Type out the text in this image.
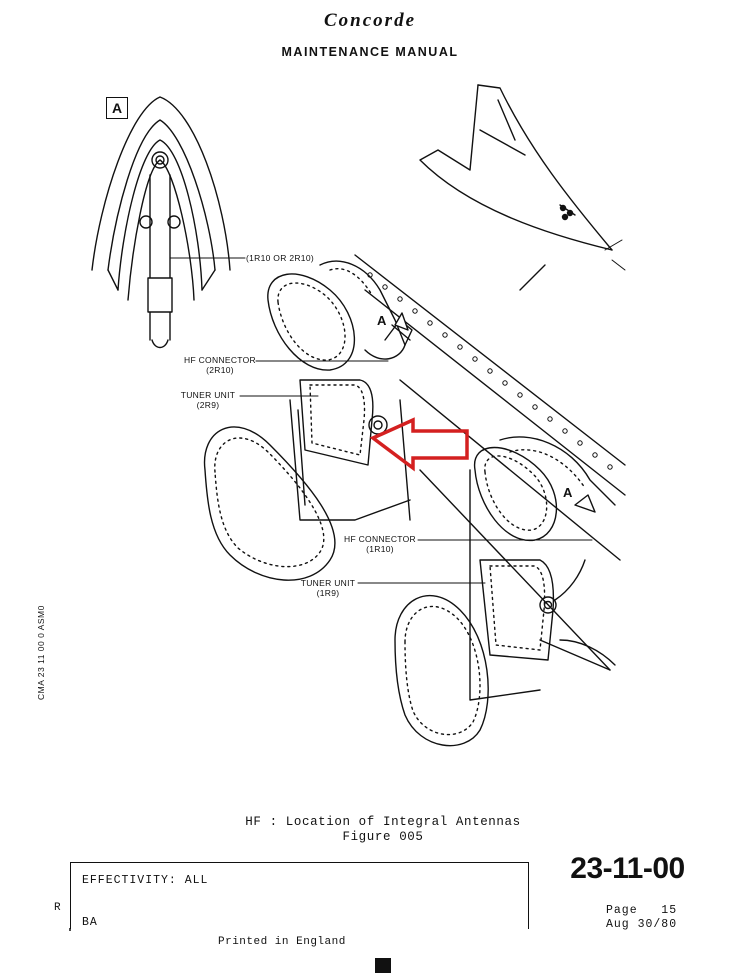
Concorde
MAINTENANCE MANUAL
A
A
A
(1R10 OR 2R10)
HF CONNECTOR
(2R10)
TUNER UNIT
(2R9)
HF CONNECTOR
(1R10)
TUNER UNIT
(1R9)
CMA 23 11 00 0 ASM0
HF : Location of Integral Antennas
Figure 005
EFFECTIVITY: ALL
R
BA
Printed in England
23-11-00
Page   15
Aug 30/80
